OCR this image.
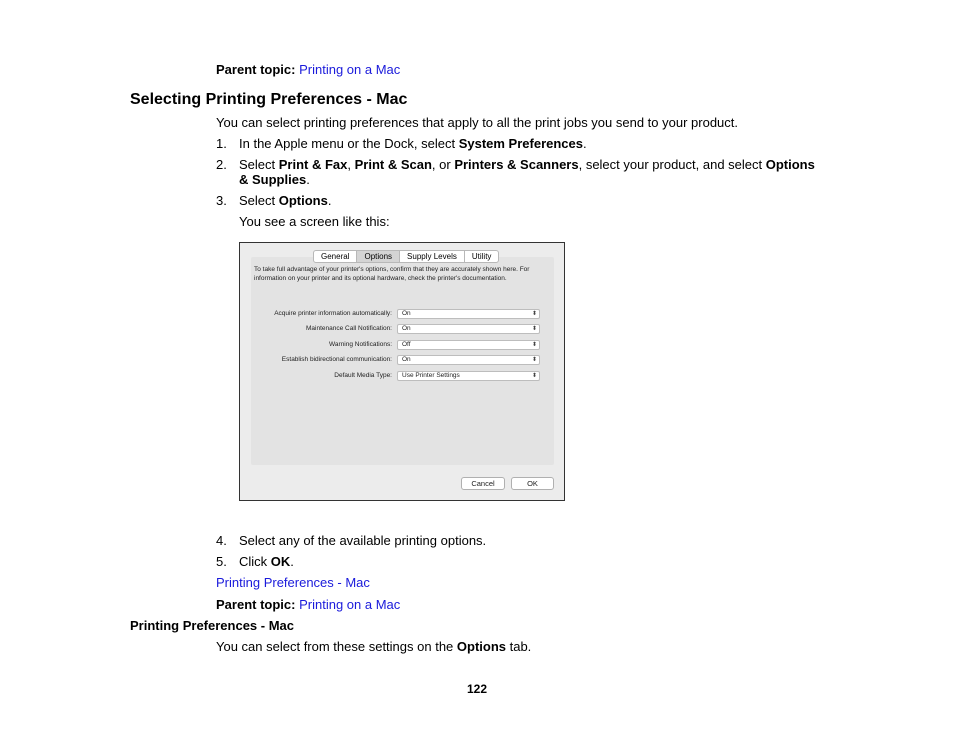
Parent topic: Printing on a Mac
Selecting Printing Preferences - Mac
You can select printing preferences that apply to all the print jobs you send to your product.
1. In the Apple menu or the Dock, select System Preferences.
2. Select Print & Fax, Print & Scan, or Printers & Scanners, select your product, and select Options
& Supplies.
3. Select Options.
You see a screen like this:
General	Options	Supply Levels	Utility
To take full advantage of your printer's options, confirm that they are accurately shown here. For information on your printer and its optional hardware, check the printer's documentation.
Acquire printer information automatically:	On	⬍
Maintenance Call Notification:	On	⬍
Warning Notifications:	Off	⬍
Establish bidirectional communication:	On	⬍
Default Media Type:	Use Printer Settings	⬍
Cancel	OK
4. Select any of the available printing options.
5. Click OK.
Printing Preferences - Mac
Parent topic: Printing on a Mac
Printing Preferences - Mac
You can select from these settings on the Options tab.
122
